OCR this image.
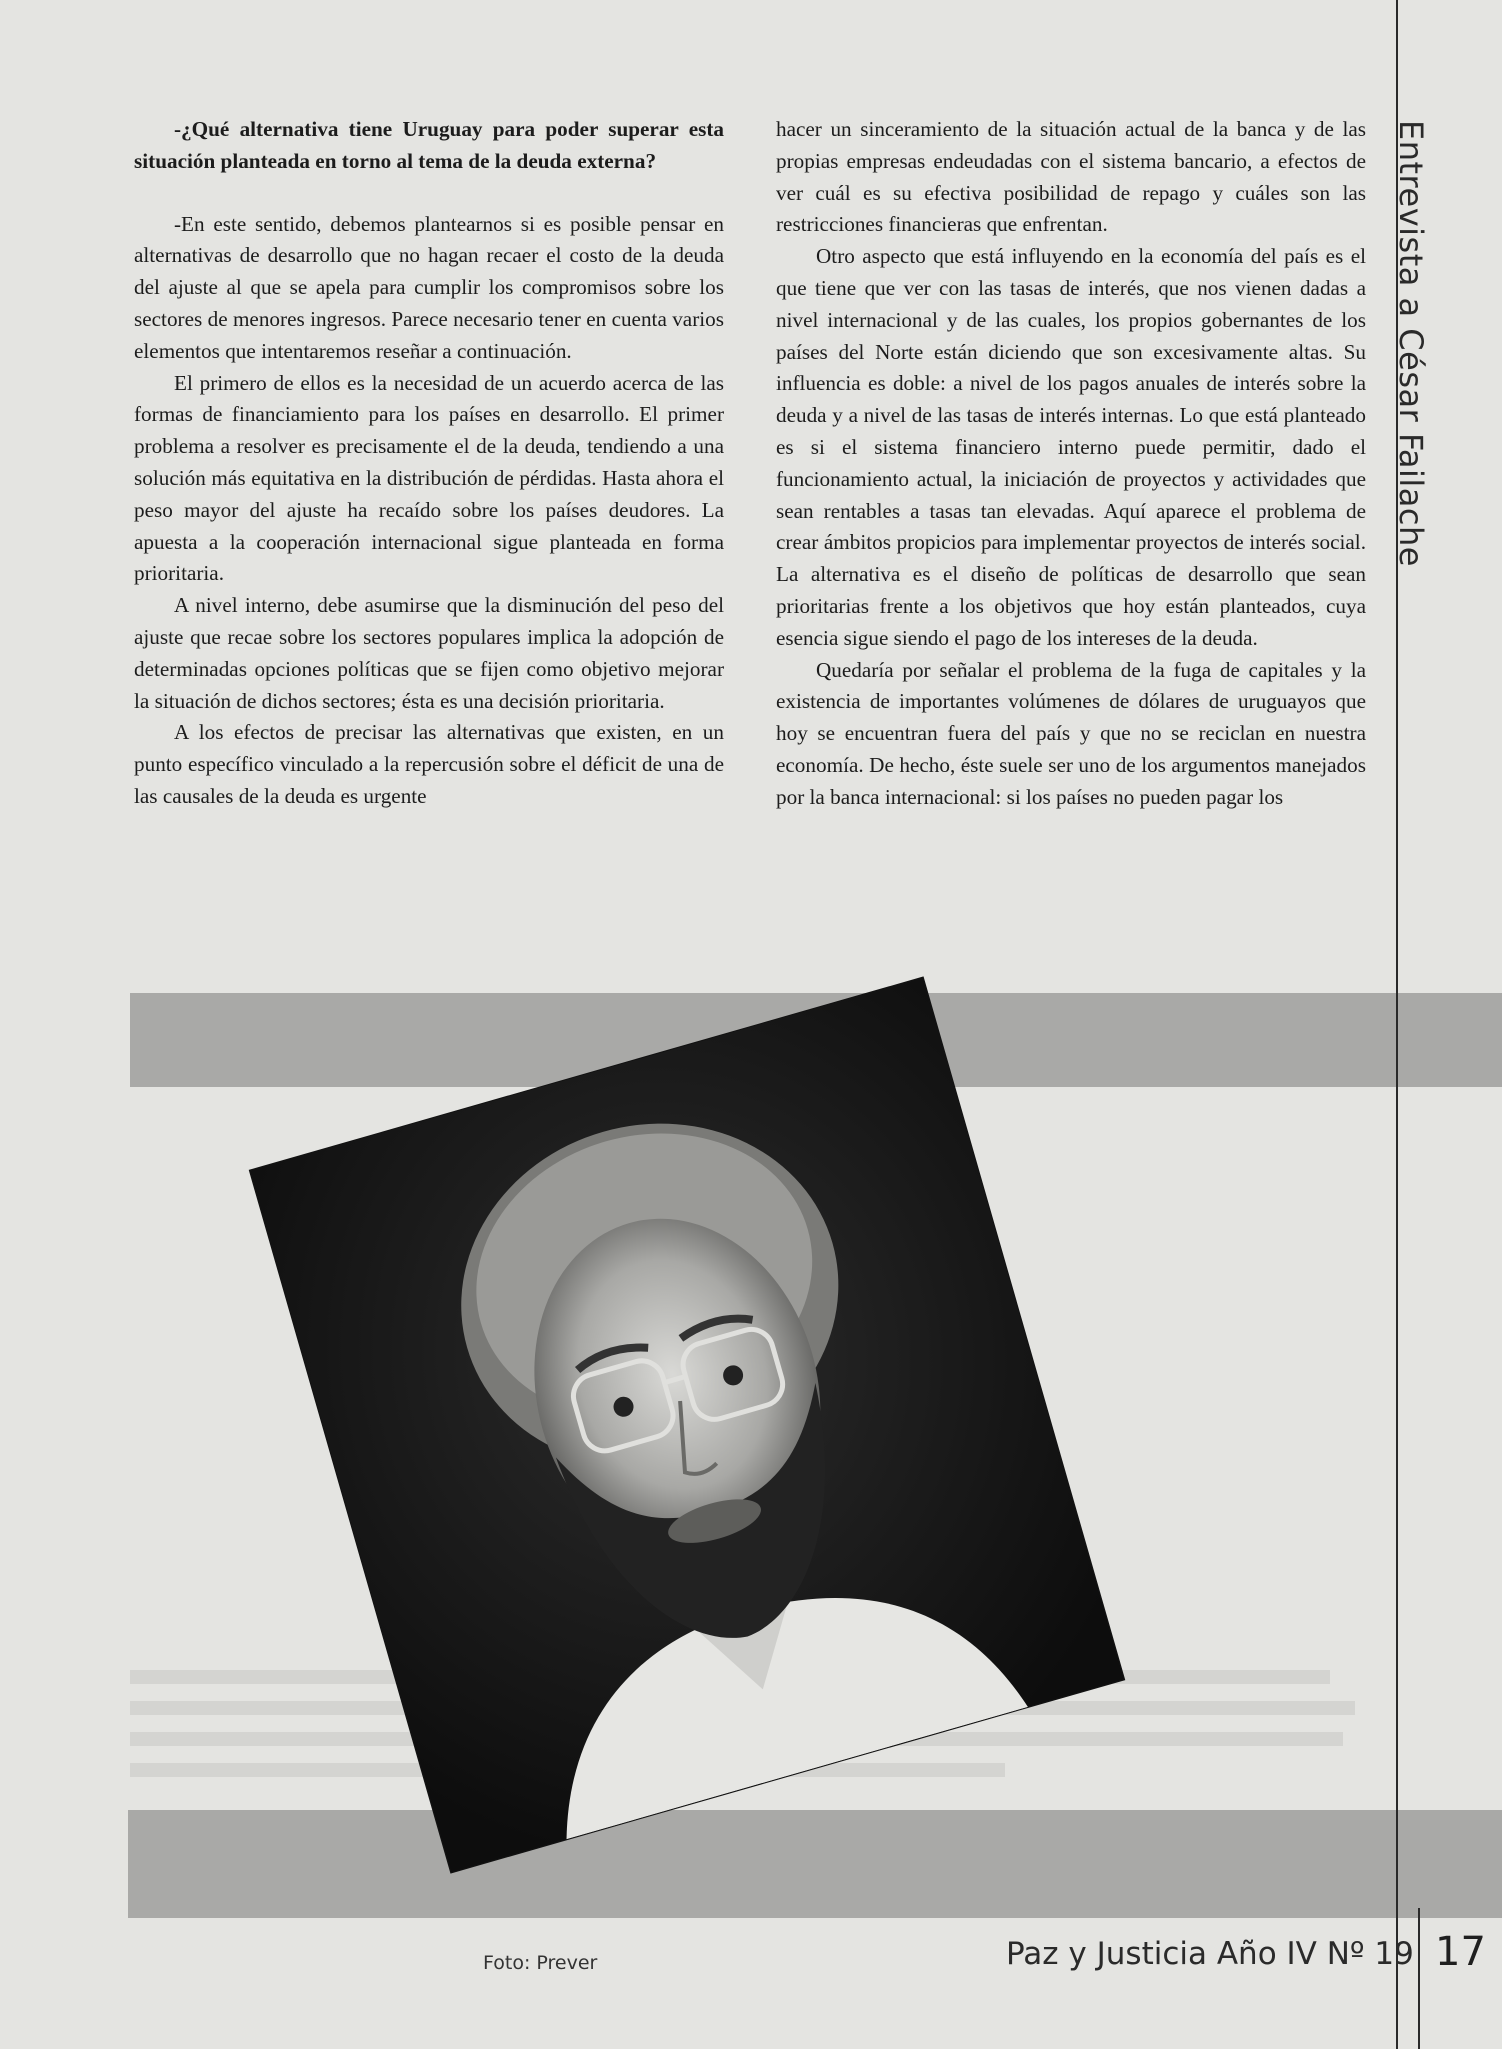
-¿Qué alternativa tiene Uruguay para poder superar esta situación planteada en torno al tema de la deuda externa?

-En este sentido, debemos plantearnos si es posible pensar en alternativas de desarrollo que no hagan recaer el costo de la deuda del ajuste al que se apela para cumplir los compromisos sobre los sectores de menores ingresos. Parece necesario tener en cuenta varios elementos que intentaremos reseñar a continuación.

El primero de ellos es la necesidad de un acuerdo acerca de las formas de financiamiento para los países en desarrollo. El primer problema a resolver es precisamente el de la deuda, tendiendo a una solución más equitativa en la distribución de pérdidas. Hasta ahora el peso mayor del ajuste ha recaído sobre los países deudores. La apuesta a la cooperación internacional sigue planteada en forma prioritaria.

A nivel interno, debe asumirse que la disminución del peso del ajuste que recae sobre los sectores populares implica la adopción de determinadas opciones políticas que se fijen como objetivo mejorar la situación de dichos sectores; ésta es una decisión prioritaria.

A los efectos de precisar las alternativas que existen, en un punto específico vinculado a la repercusión sobre el déficit de una de las causales de la deuda es urgente

hacer un sinceramiento de la situación actual de la banca y de las propias empresas endeudadas con el sistema bancario, a efectos de ver cuál es su efectiva posibilidad de repago y cuáles son las restricciones financieras que enfrentan.

Otro aspecto que está influyendo en la economía del país es el que tiene que ver con las tasas de interés, que nos vienen dadas a nivel internacional y de las cuales, los propios gobernantes de los países del Norte están diciendo que son excesivamente altas. Su influencia es doble: a nivel de los pagos anuales de interés sobre la deuda y a nivel de las tasas de interés internas. Lo que está planteado es si el sistema financiero interno puede permitir, dado el funcionamiento actual, la iniciación de proyectos y actividades que sean rentables a tasas tan elevadas. Aquí aparece el problema de crear ámbitos propicios para implementar proyectos de interés social. La alternativa es el diseño de políticas de desarrollo que sean prioritarias frente a los objetivos que hoy están planteados, cuya esencia sigue siendo el pago de los intereses de la deuda.

Quedaría por señalar el problema de la fuga de capitales y la existencia de importantes volúmenes de dólares de uruguayos que hoy se encuentran fuera del país y que no se reciclan en nuestra economía. De hecho, éste suele ser uno de los argumentos manejados por la banca internacional: si los países no pueden pagar los

Entrevista a César Failache
Foto: Prever	Paz y Justicia Año IV Nº 19 17
